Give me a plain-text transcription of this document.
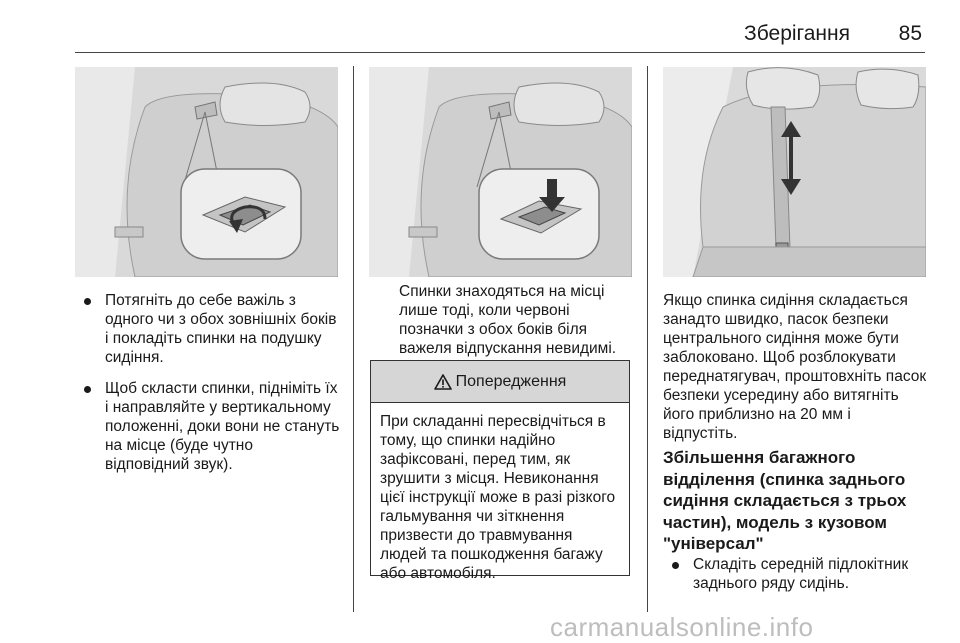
Зберігання	85
Потягніть до себе важіль з одного чи з обох зовнішніх боків і покладіть спинки на подушку сидіння.
Щоб скласти спинки, підніміть їх і направляйте у вертикальному положенні, доки вони не стануть на місце (буде чутно відповідний звук).

Спинки знаходяться на місці лише тоді, коли червоні позначки з обох боків біля важеля відпускання невидимі.

Попередження

При складанні пересвідчіться в тому, що спинки надійно зафіксовані, перед тим, як зрушити з місця. Невиконання цієї інструкції може в разі різкого гальмування чи зіткнення призвести до травмування людей та пошкодження багажу або автомобіля.

Якщо спинка сидіння складається занадто швидко, пасок безпеки центрального сидіння може бути заблоковано. Щоб розблокувати переднатягувач, проштовхніть пасок безпеки усередину або витягніть його приблизно на 20 мм і відпустіть.

Збільшення багажного відділення (спинка заднього сидіння складається з трьох частин), модель з кузовом "універсал"
Складіть середній підлокітник заднього ряду сидінь.
carmanualsonline.info
